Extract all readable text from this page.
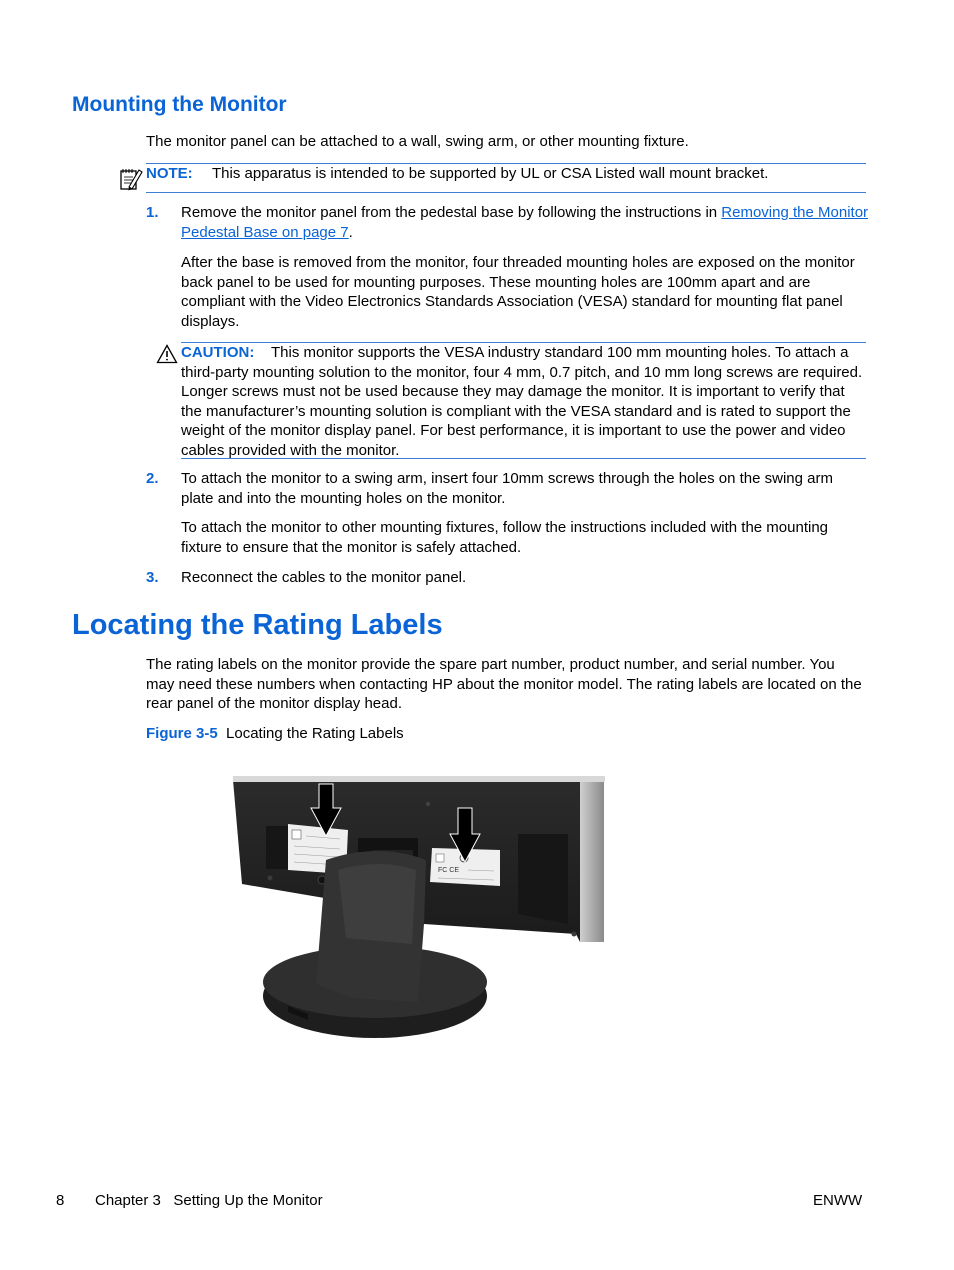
Mounting the Monitor

The monitor panel can be attached to a wall, swing arm, or other mounting fixture.

NOTE: This apparatus is intended to be supported by UL or CSA Listed wall mount bracket.
1. Remove the monitor panel from the pedestal base by following the instructions in Removing the Monitor Pedestal Base on page 7.

After the base is removed from the monitor, four threaded mounting holes are exposed on the monitor back panel to be used for mounting purposes. These mounting holes are 100mm apart and are compliant with the Video Electronics Standards Association (VESA) standard for mounting flat panel displays.

CAUTION: This monitor supports the VESA industry standard 100 mm mounting holes. To attach a third-party mounting solution to the monitor, four 4 mm, 0.7 pitch, and 10 mm long screws are required. Longer screws must not be used because they may damage the monitor. It is important to verify that the manufacturer’s mounting solution is compliant with the VESA standard and is rated to support the weight of the monitor display panel. For best performance, it is important to use the power and video cables provided with the monitor.

2. To attach the monitor to a swing arm, insert four 10mm screws through the holes on the swing arm plate and into the mounting holes on the monitor.

To attach the monitor to other mounting fixtures, follow the instructions included with the mounting fixture to ensure that the monitor is safely attached.

3. Reconnect the cables to the monitor panel.

Locating the Rating Labels

The rating labels on the monitor provide the spare part number, product number, and serial number. You may need these numbers when contacting HP about the monitor model. The rating labels are located on the rear panel of the monitor display head.

Figure 3-5 Locating the Rating Labels

FC CE
8 Chapter 3   Setting Up the Monitor	ENWW
